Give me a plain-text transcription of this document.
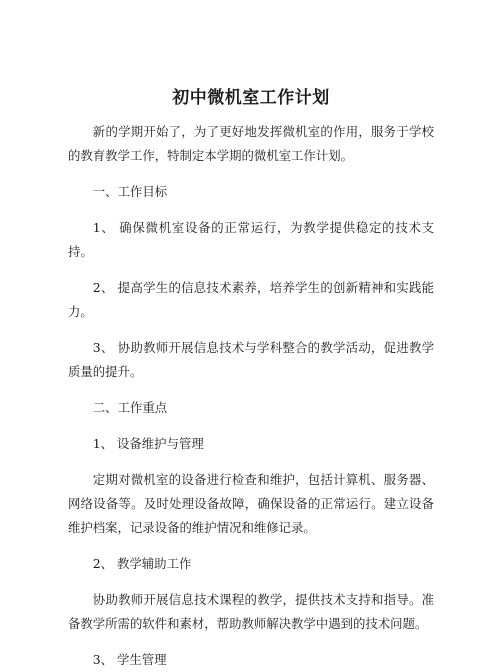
初中微机室工作计划

新的学期开始了，为了更好地发挥微机室的作用，服务于学校的教育教学工作，特制定本学期的微机室工作计划。

一、工作目标

1、 确保微机室设备的正常运行，为教学提供稳定的技术支持。

2、 提高学生的信息技术素养，培养学生的创新精神和实践能力。

3、 协助教师开展信息技术与学科整合的教学活动，促进教学质量的提升。

二、工作重点

1、 设备维护与管理

定期对微机室的设备进行检查和维护，包括计算机、服务器、网络设备等。及时处理设备故障，确保设备的正常运行。建立设备维护档案，记录设备的维护情况和维修记录。

2、 教学辅助工作

协助教师开展信息技术课程的教学，提供技术支持和指导。准备教学所需的软件和素材，帮助教师解决教学中遇到的技术问题。

3、 学生管理
